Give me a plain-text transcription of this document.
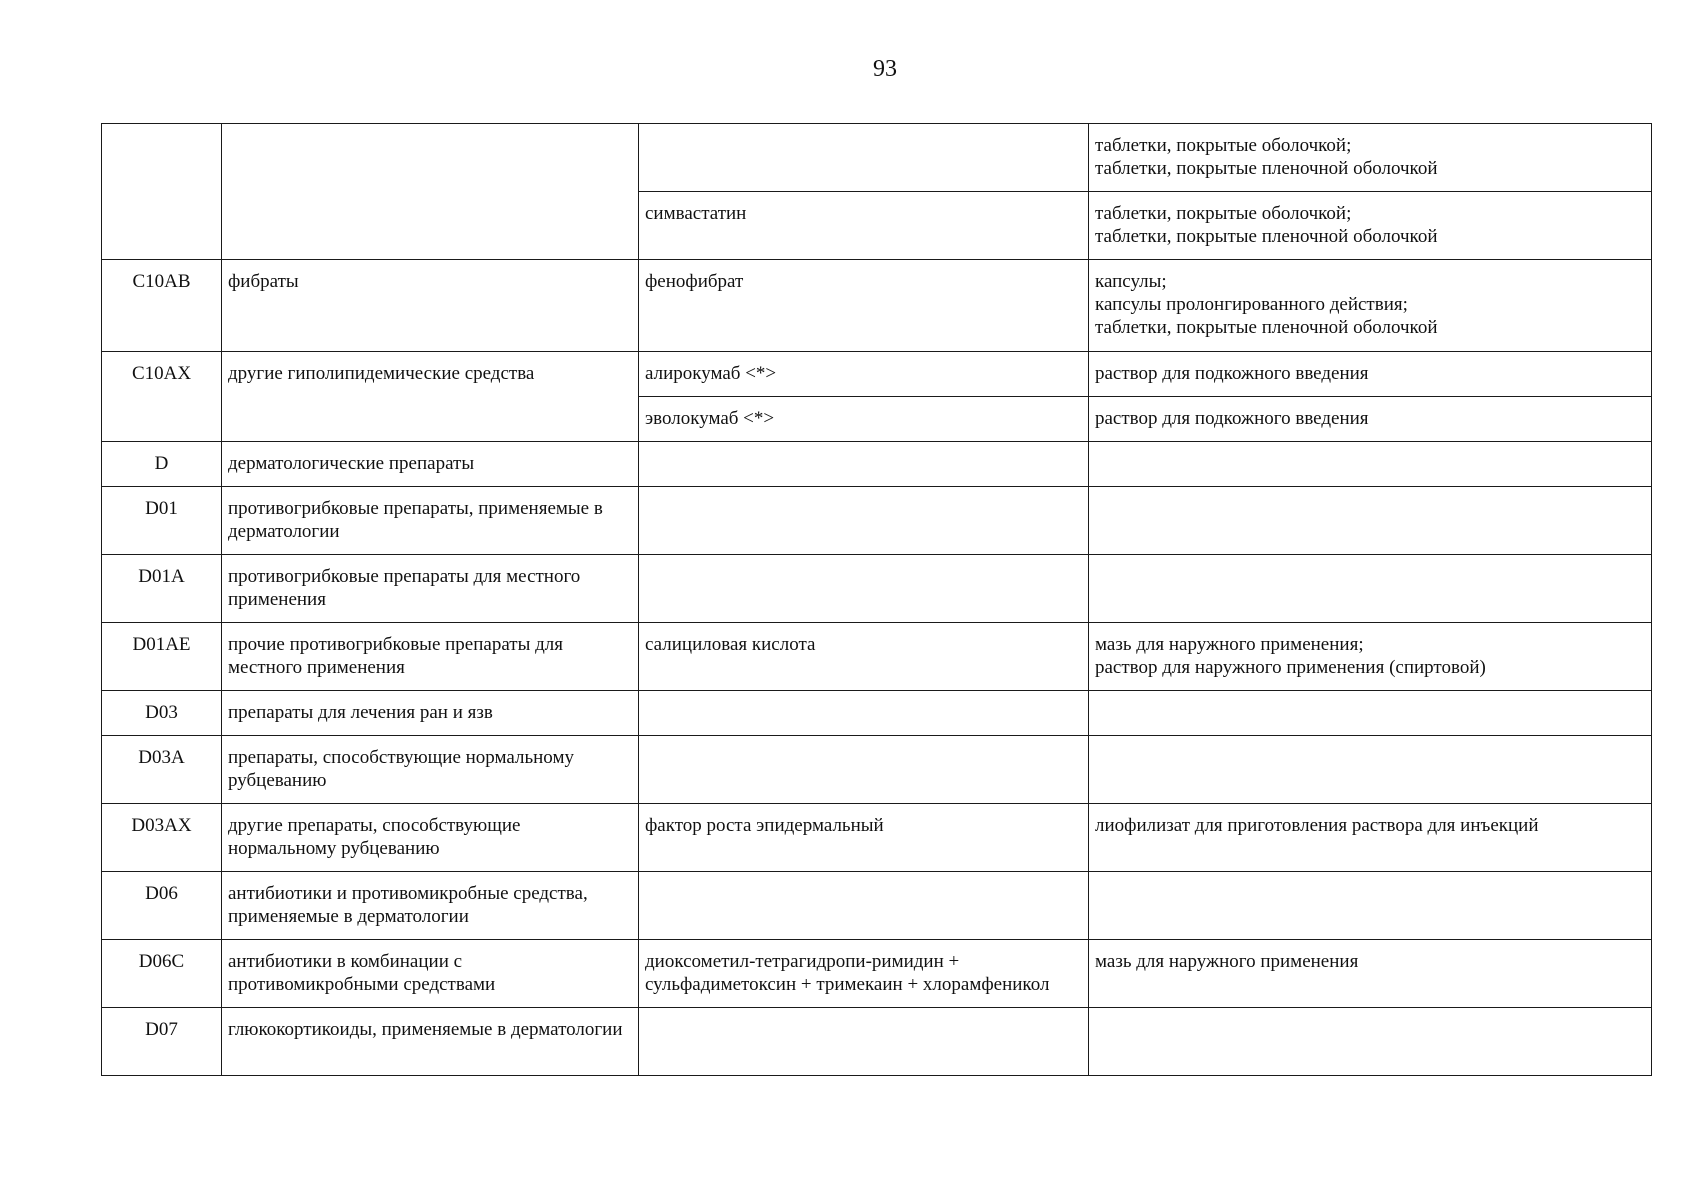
93
			таблетки, покрытые оболочкой;
таблетки, покрытые пленочной оболочкой
		симвастатин	таблетки, покрытые оболочкой;
таблетки, покрытые пленочной оболочкой
C10AB	фибраты	фенофибрат	капсулы;
капсулы пролонгированного действия;
таблетки, покрытые пленочной оболочкой
C10AX	другие гиполипидемические средства	алирокумаб <*>	раствор для подкожного введения
		эволокумаб <*>	раствор для подкожного введения
D	дерматологические препараты		
D01	противогрибковые препараты, применяемые в дерматологии		
D01A	противогрибковые препараты для местного применения		
D01AE	прочие противогрибковые препараты для местного применения	салициловая кислота	мазь для наружного применения;
раствор для наружного применения (спиртовой)
D03	препараты для лечения ран и язв		
D03A	препараты, способствующие нормальному рубцеванию		
D03AX	другие препараты, способствующие нормальному рубцеванию	фактор роста эпидермальный	лиофилизат для приготовления раствора для инъекций
D06	антибиотики и противомикробные средства, применяемые в дерматологии		
D06C	антибиотики в комбинации с противомикробными средствами	диоксометил-тетрагидропи-римидин + сульфадиметоксин + тримекаин + хлорамфеникол	мазь для наружного применения
D07	глюкокортикоиды, применяемые в дерматологии		
